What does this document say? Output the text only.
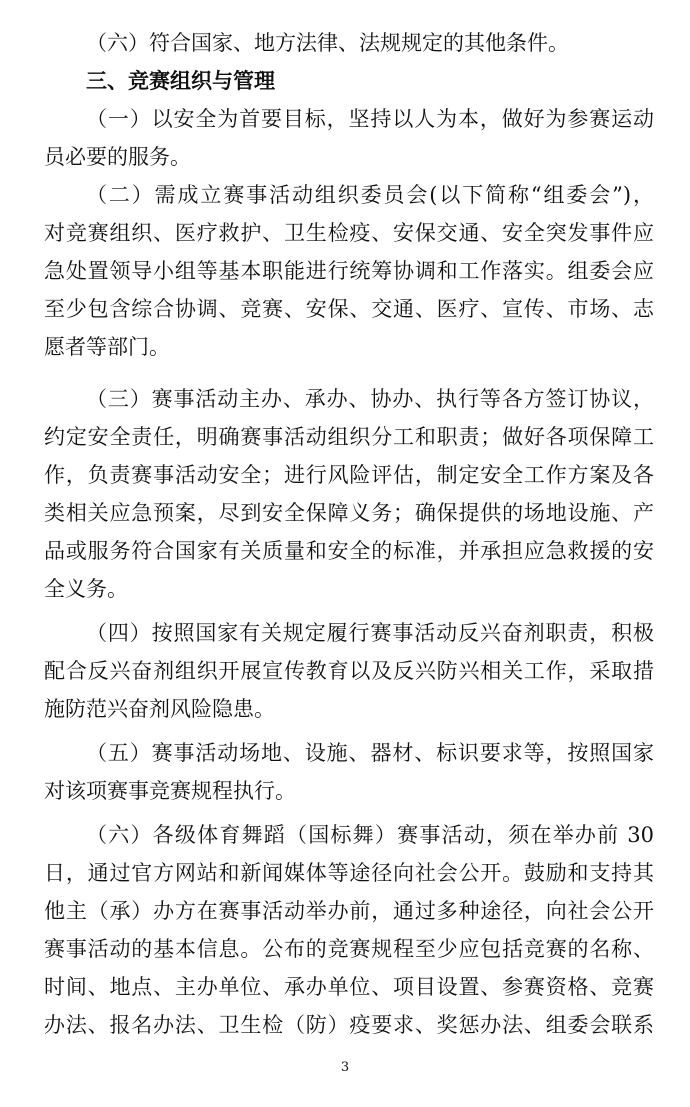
（六）符合国家、地方法律、法规规定的其他条件。
三、竞赛组织与管理
（一）以安全为首要目标，坚持以人为本，做好为参赛运动
员必要的服务。
（二）需成立赛事活动组织委员会(以下简称“组委会”)，
对竞赛组织、医疗救护、卫生检疫、安保交通、安全突发事件应
急处置领导小组等基本职能进行统筹协调和工作落实。组委会应
至少包含综合协调、竞赛、安保、交通、医疗、宣传、市场、志
愿者等部门。
（三）赛事活动主办、承办、协办、执行等各方签订协议，
约定安全责任，明确赛事活动组织分工和职责；做好各项保障工
作，负责赛事活动安全；进行风险评估，制定安全工作方案及各
类相关应急预案，尽到安全保障义务；确保提供的场地设施、产
品或服务符合国家有关质量和安全的标准，并承担应急救援的安
全义务。
（四）按照国家有关规定履行赛事活动反兴奋剂职责，积极
配合反兴奋剂组织开展宣传教育以及反兴防兴相关工作，采取措
施防范兴奋剂风险隐患。
（五）赛事活动场地、设施、器材、标识要求等，按照国家
对该项赛事竞赛规程执行。
（六）各级体育舞蹈（国标舞）赛事活动，须在举办前 30
日，通过官方网站和新闻媒体等途径向社会公开。鼓励和支持其
他主（承）办方在赛事活动举办前，通过多种途径，向社会公开
赛事活动的基本信息。公布的竞赛规程至少应包括竞赛的名称、
时间、地点、主办单位、承办单位、项目设置、参赛资格、竞赛
办法、报名办法、卫生检（防）疫要求、奖惩办法、组委会联系
3
